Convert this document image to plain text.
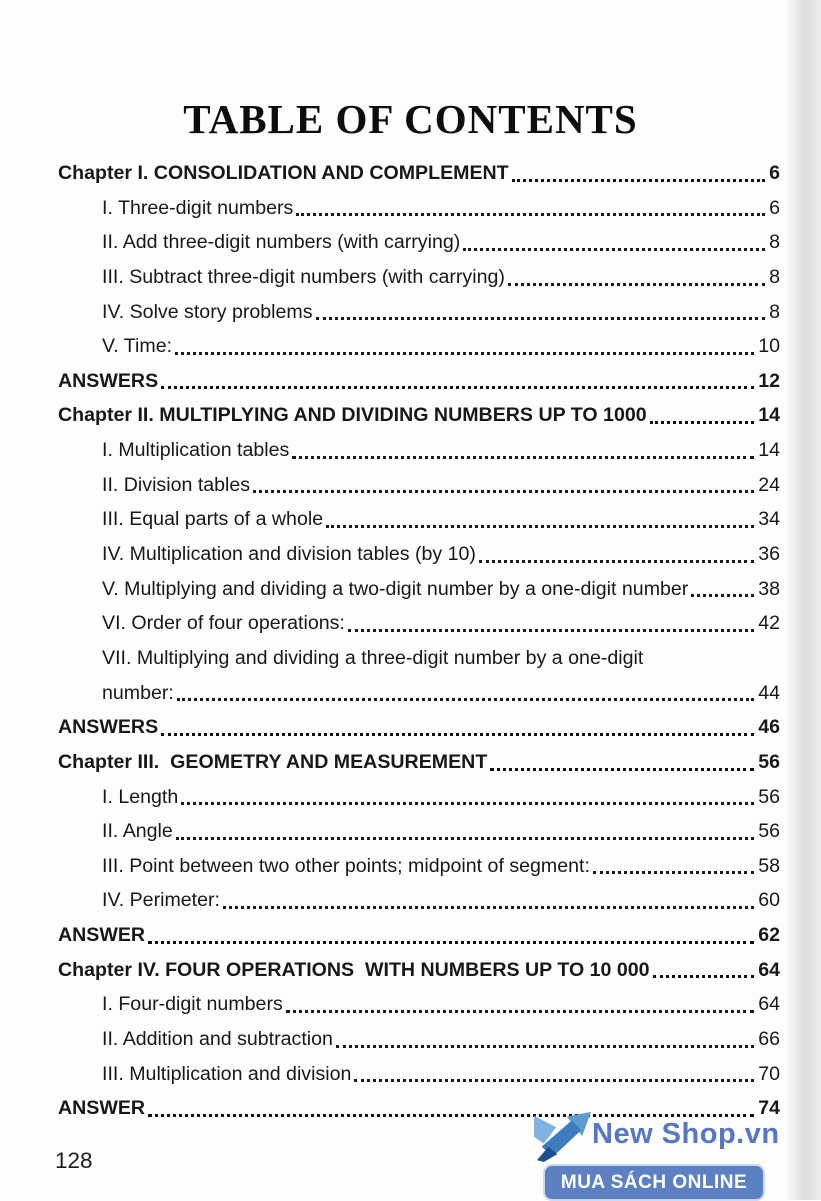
TABLE OF CONTENTS
Chapter I. CONSOLIDATION AND COMPLEMENT	6
I. Three-digit numbers	6
II. Add three-digit numbers (with carrying)	8
III. Subtract three-digit numbers (with carrying)	8
IV. Solve story problems	8
V. Time:	10
ANSWERS	12
Chapter II. MULTIPLYING AND DIVIDING NUMBERS UP TO 1000	14
I. Multiplication tables	14
II. Division tables	24
III. Equal parts of a whole	34
IV. Multiplication and division tables (by 10)	36
V. Multiplying and dividing a two-digit number by a one-digit number	38
VI. Order of four operations:	42
VII. Multiplying and dividing a three-digit number by a one-digit
number:	44
ANSWERS	46
Chapter III.  GEOMETRY AND MEASUREMENT	56
I. Length	56
II. Angle	56
III. Point between two other points; midpoint of segment:	58
IV. Perimeter:	60
ANSWER	62
Chapter IV. FOUR OPERATIONS  WITH NUMBERS UP TO 10 000	64
I. Four-digit numbers	64
II. Addition and subtraction	66
III. Multiplication and division	70
ANSWER	74
128
New Shop.vn
MUA SÁCH ONLINE
